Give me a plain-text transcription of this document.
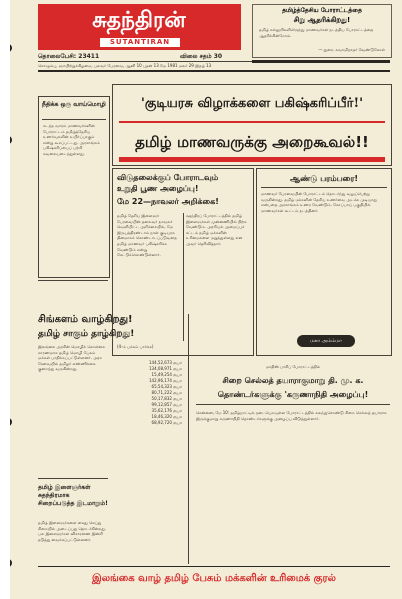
சுதந்திரன்
SUTANTIRAN
தொலைபேசி: 23411	விலை சதம் 30
கொழும்பு, ஞாயிற்றுக்கிழமை, புலவர் பேரவை, ஆனி 10 புதன் 13 மே 1981 மலர் 29 இதழ் 13
தமிழ்த்தேசிய போராட்டத்தை
சிறு ஆதரிக்கிறது!
தமிழ் கல்லூரிகளிலிருந்து மாணவர்கள் நடத்திய போராட்டத்தை ஆதரிக்கின்றோம்.
— துரை. சுவாமிநாதர் வேண்டுகோள்
நீதிக்க ஒரு வாய்மொழி
கடந்த வாரம் மாணவர்களின் போராட்டம் தமிழ்த்தேசிய உணர்வுகளின் உயிர்ப்பாகும் என்று கூறப்பட்டது. அரசாங்கம் பகிஷ்கரிப்பைப் பற்றி கவலையடைந்துள்ளது.
'குடியரசு விழாக்களை பகிஷ்கரிப்பீர்!'
தமிழ் மாணவருக்கு அறைகூவல்!!
விடுதலைக்குப் போராடவும்
உறுதி பூண அழைப்பு!
மே 22—நாவலர் அறிக்கை!
தமிழ் தேசிய இளைஞர் பேரவையின் தலைவர் நாவலர் வெளியிட்ட அறிக்கையில், மே இருபத்திரண்டாம் நாள் குடியரசு தினமாகக் கொண்டாடப்படுவதை தமிழ் மாணவர் பகிஷ்கரிக்க வேண்டும் என்று கேட்டுக்கொண்டுள்ளார்.
சுதந்திரப் போராட்டத்தில் தமிழ் இளைஞர்கள் முன்னணியில் நிற்க வேண்டும். அரசியல் அமைப்புச் சட்டம் தமிழ் மக்களின் உரிமைகளை மறுத்துள்ளது என அவர் தெரிவித்தார்.
(4-ம் பக்கம் பார்க்க)
ஆண்டு பரம்பரை!
மாணவர் பேரவையின் போராட்டம் தொடர்ந்து வலுப்பெற்று வருகின்றது. தமிழ் மக்களின் தேசிய உணர்வை அடக்க முடியாது என்பதை அரசாங்கம் உணர வேண்டும். கோப்பாய் பகுதியில் மாணவர்கள் கூட்டம் நடத்தினர்.
மகா அம்ம்மா
சிங்களம் வாழ்கிறது!
தமிழ் சாகும் தாழ்கிறது!
இலங்கை அரசின் மொழிக் கொள்கை காரணமாக தமிழ் மொழி பேசும் மக்கள் பாதிக்கப்பட்டுள்ளனர். அரச சேவையில் தமிழர் எண்ணிக்கை குறைந்து வருகின்றது.
144,52,673 ரூபா
134,08,971 ரூபா
15,49,254 ரூபா
142,96,174 ரூபா
65,54,323 ரூபா
80,71,222 ரூபா
50,17,832 ரூபா
99,12,857 ரூபா
35,62,176 ரூபா
18,46,320 ரூபா
68,92,720 ரூபா
மாதிஸ் பாசிப் போராட்டத்தில்
சிறை செல்லத் தயாராகுமாறு தி. மு. க.
தொண்டர்களுக்கு 'கருணாநிதி அழைப்பு!
சென்னை, மே 10: தமிழ்நாட்டில் நடைபெறவுள்ள போராட்டத்தில் கலந்துகொண்டு சிறை செல்லத் தயாராக இருக்குமாறு கருணாநிதி தொண்டர்களுக்கு அழைப்பு விடுத்துள்ளார்.
தமிழ் இளைஞர்கள் சுதந்திரமாக சிறைப்படுத்த இடமாறும்!
தமிழ் இளைஞர்களை கைது செய்து சிறையில் அடைப்பது தொடர்கின்றது. பல இளைஞர்கள் விசாரணை இன்றி தடுத்து வைக்கப்பட்டுள்ளனர்.
இலங்கை வாழ் தமிழ் பேசும் மக்களின் உரிமைக் குரல்
